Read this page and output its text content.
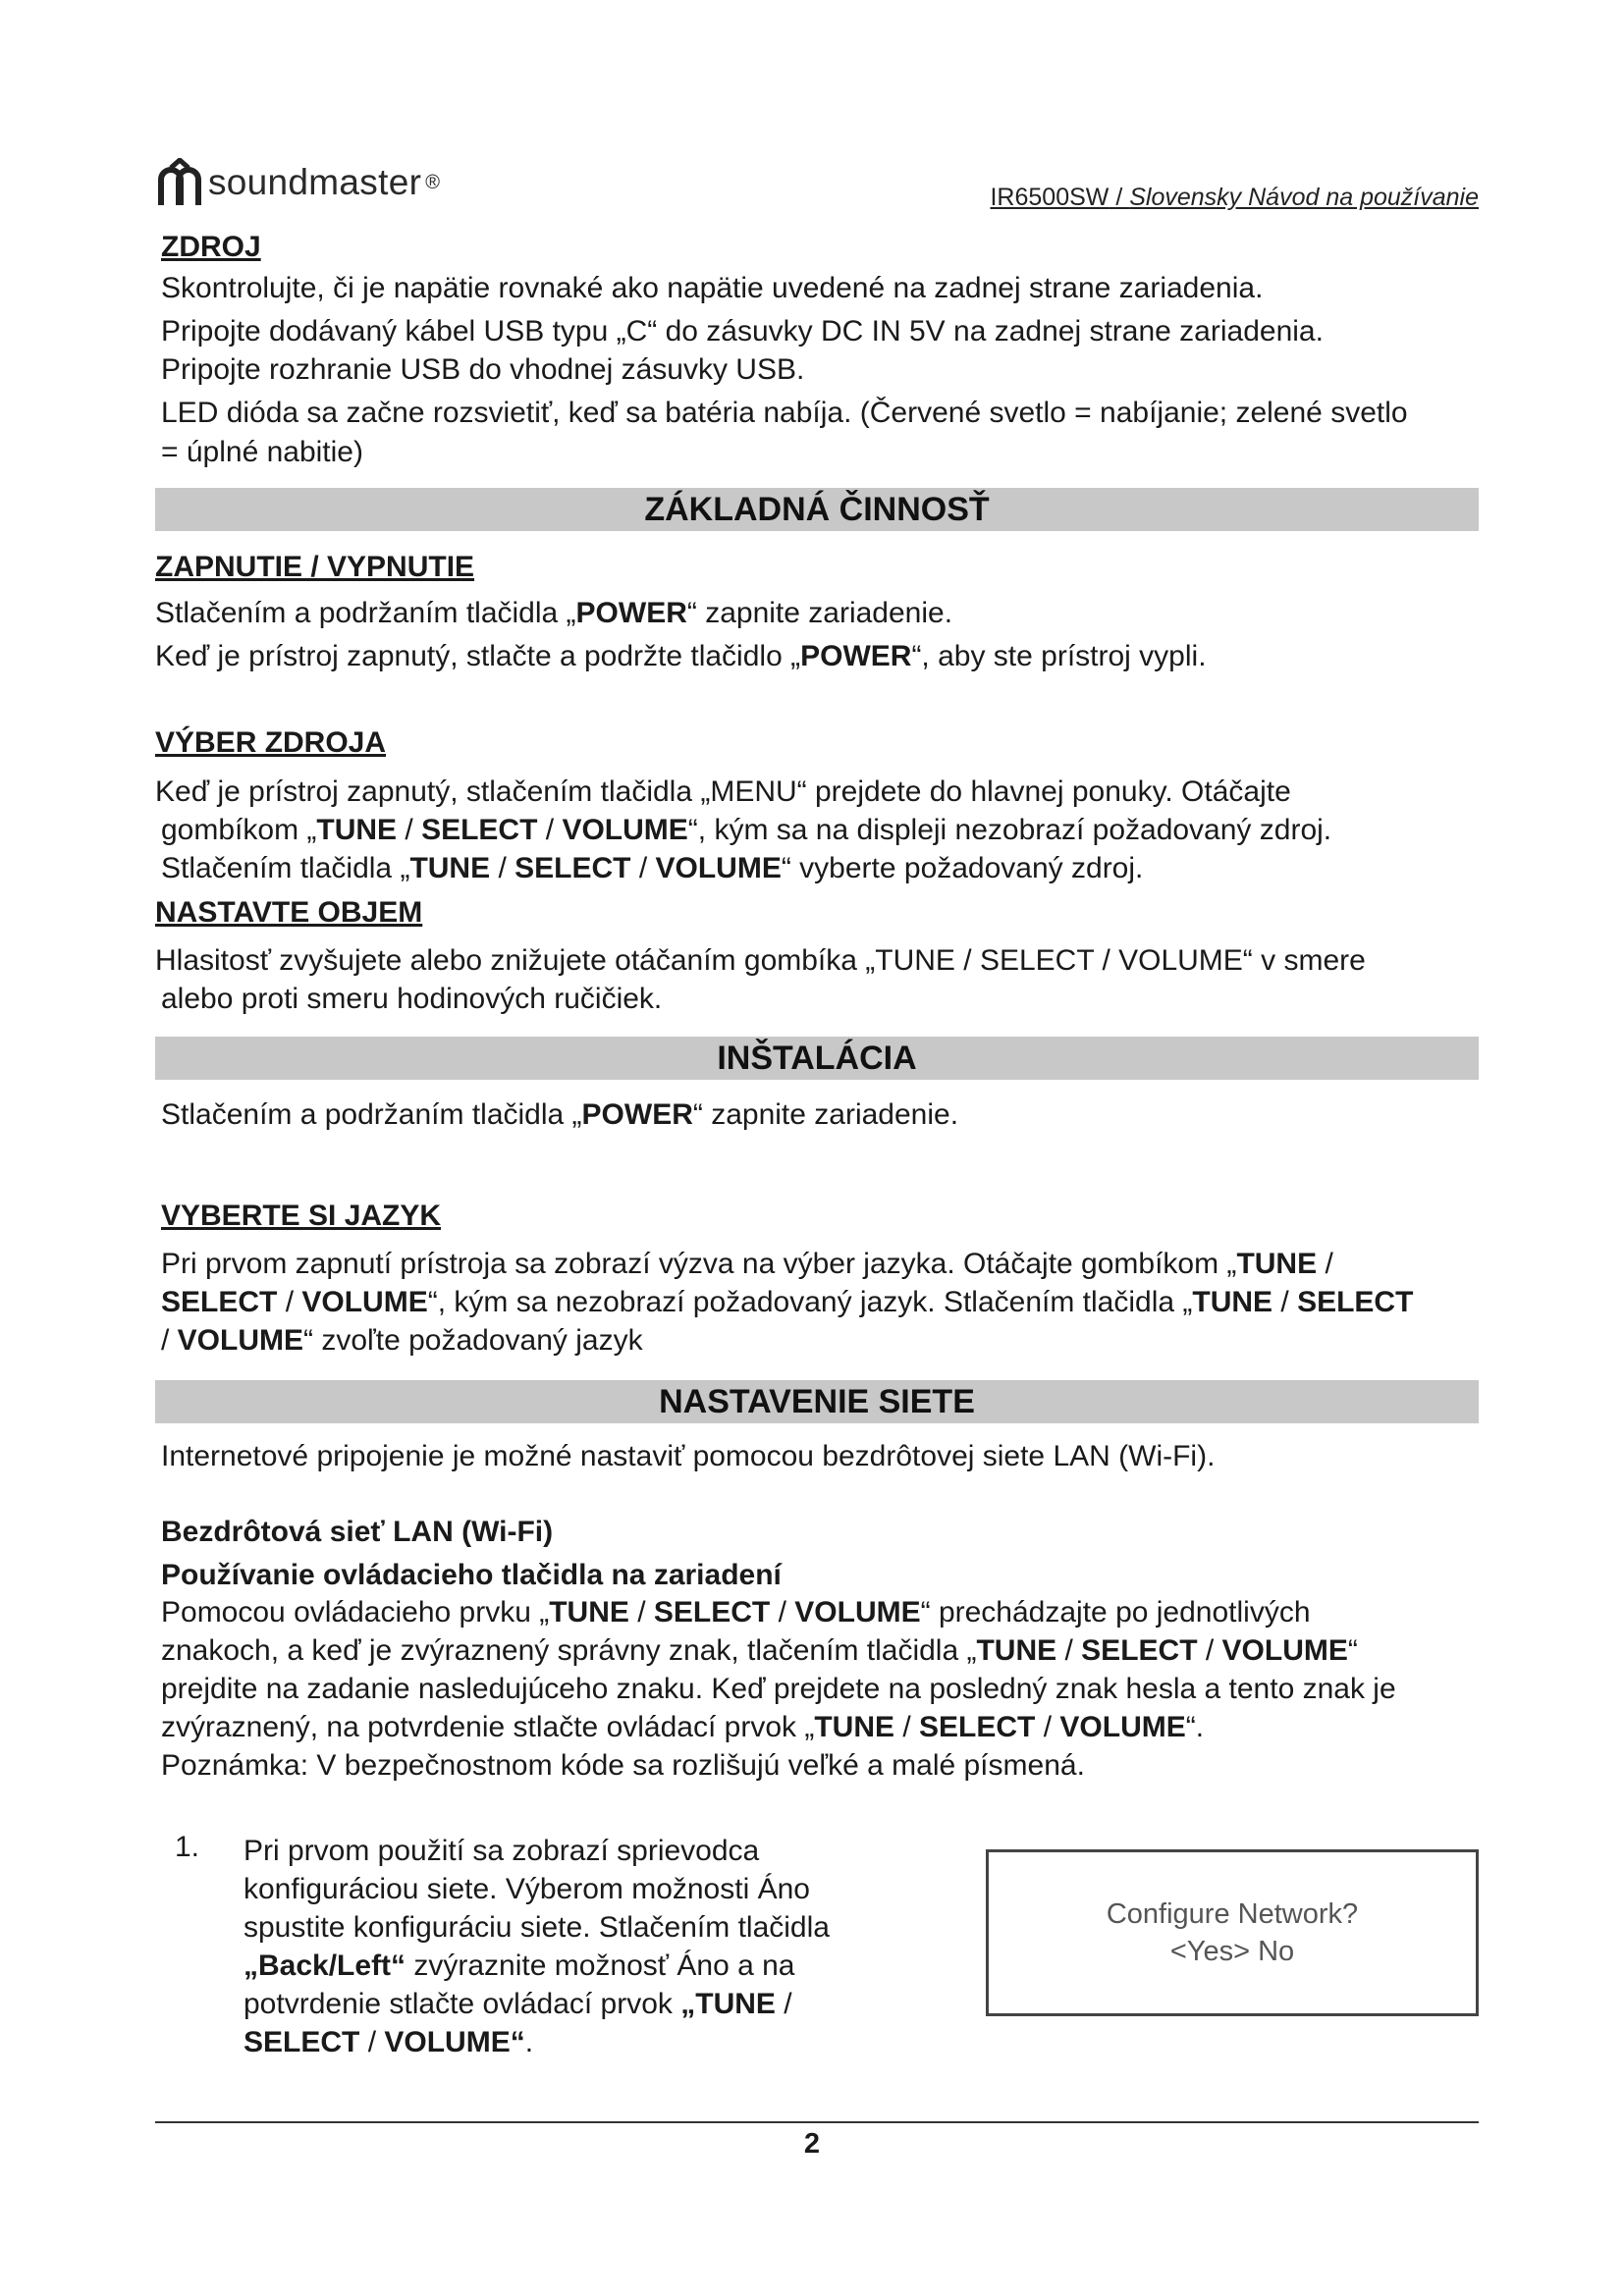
soundmaster ®
IR6500SW / Slovensky Návod na používanie
ZDROJ
Skontrolujte, či je napätie rovnaké ako napätie uvedené na zadnej strane zariadenia.
Pripojte dodávaný kábel USB typu „C“ do zásuvky DC IN 5V na zadnej strane zariadenia.
Pripojte rozhranie USB do vhodnej zásuvky USB.
LED dióda sa začne rozsvietiť, keď sa batéria nabíja. (Červené svetlo = nabíjanie; zelené svetlo
= úplné nabitie)
ZÁKLADNÁ ČINNOSŤ
ZAPNUTIE / VYPNUTIE
Stlačením a podržaním tlačidla „POWER“ zapnite zariadenie.
Keď je prístroj zapnutý, stlačte a podržte tlačidlo „POWER“, aby ste prístroj vypli.
VÝBER ZDROJA
Keď je prístroj zapnutý, stlačením tlačidla „MENU“ prejdete do hlavnej ponuky. Otáčajte
gombíkom „TUNE / SELECT / VOLUME“, kým sa na displeji nezobrazí požadovaný zdroj.
Stlačením tlačidla „TUNE / SELECT / VOLUME“ vyberte požadovaný zdroj.
NASTAVTE OBJEM
Hlasitosť zvyšujete alebo znižujete otáčaním gombíka „TUNE / SELECT / VOLUME“ v smere
alebo proti smeru hodinových ručičiek.
INŠTALÁCIA
Stlačením a podržaním tlačidla „POWER“ zapnite zariadenie.
VYBERTE SI JAZYK
Pri prvom zapnutí prístroja sa zobrazí výzva na výber jazyka. Otáčajte gombíkom „TUNE /
SELECT / VOLUME“, kým sa nezobrazí požadovaný jazyk. Stlačením tlačidla „TUNE / SELECT
/ VOLUME“ zvoľte požadovaný jazyk
NASTAVENIE SIETE
Internetové pripojenie je možné nastaviť pomocou bezdrôtovej siete LAN (Wi-Fi).
Bezdrôtová sieť LAN (Wi-Fi)
Používanie ovládacieho tlačidla na zariadení
Pomocou ovládacieho prvku „TUNE / SELECT / VOLUME“ prechádzajte po jednotlivých
znakoch, a keď je zvýraznený správny znak, tlačením tlačidla „TUNE / SELECT / VOLUME“
prejdite na zadanie nasledujúceho znaku. Keď prejdete na posledný znak hesla a tento znak je
zvýraznený, na potvrdenie stlačte ovládací prvok „TUNE / SELECT / VOLUME“.
Poznámka: V bezpečnostnom kóde sa rozlišujú veľké a malé písmená.
1. Pri prvom použití sa zobrazí sprievodca
konfiguráciou siete. Výberom možnosti Áno
spustite konfiguráciu siete. Stlačením tlačidla
„Back/Left“ zvýraznite možnosť Áno a na
potvrdenie stlačte ovládací prvok „TUNE /
SELECT / VOLUME“.
Configure Network?
<Yes> No
2
